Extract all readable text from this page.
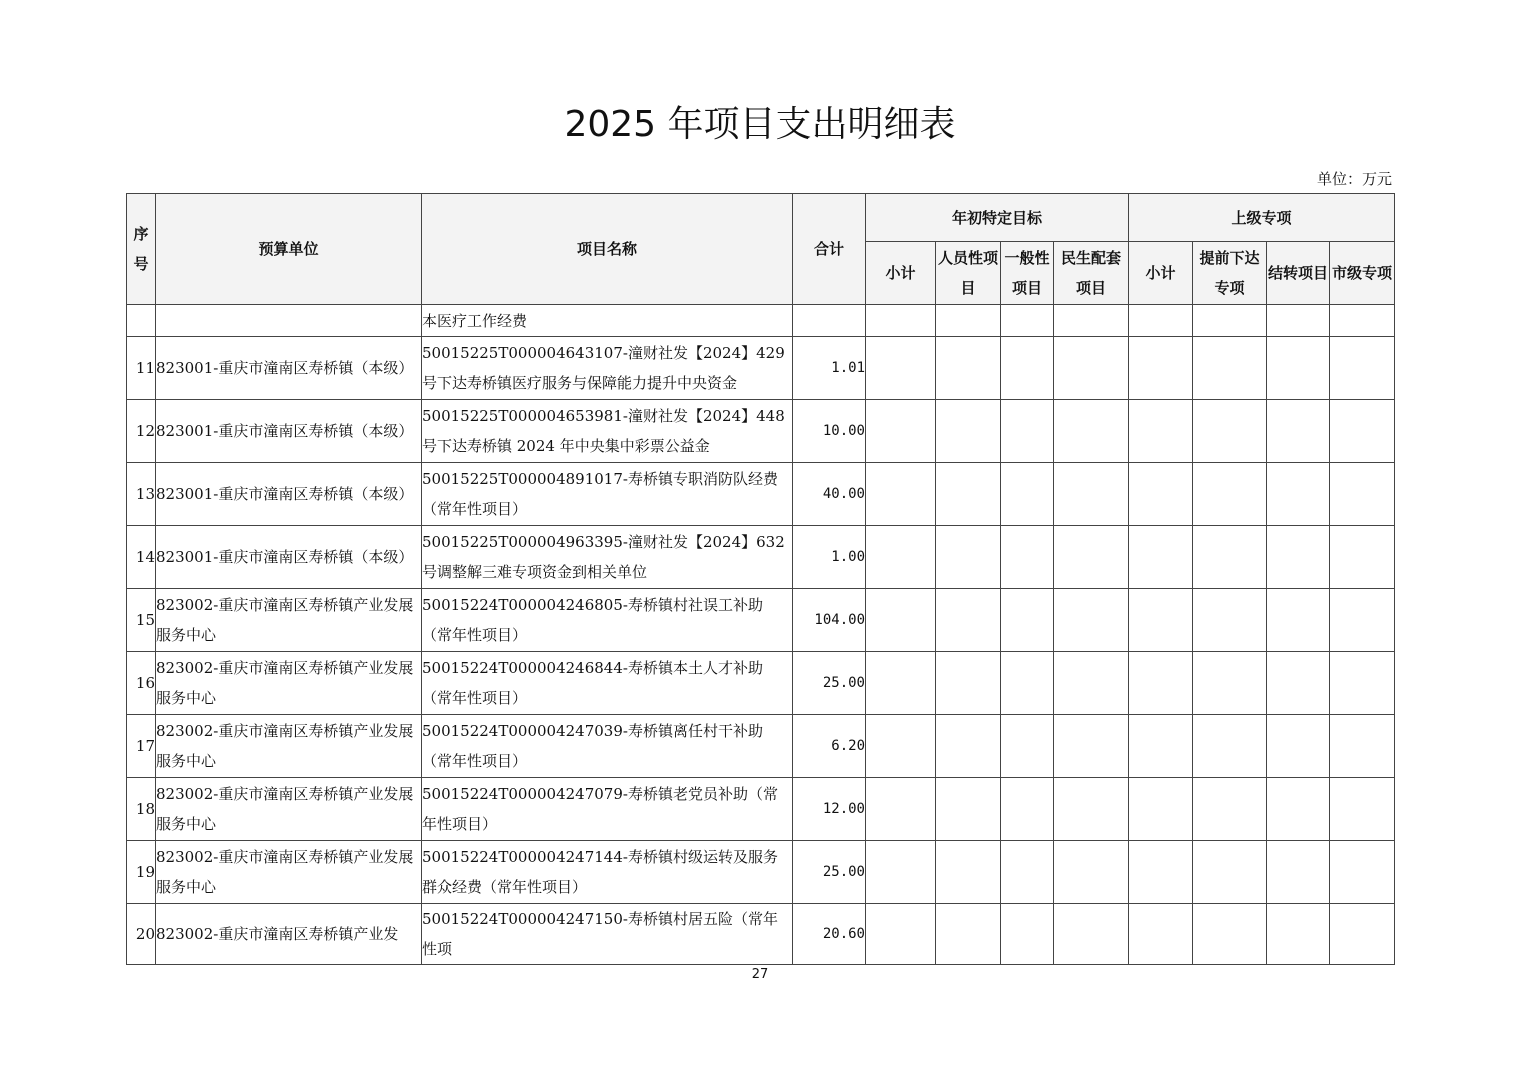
2025 年项目支出明细表
单位：万元
序号	预算单位	项目名称	合计	年初特定目标				上级专项			
				小计	人员性项目	一般性项目	民生配套项目	小计	提前下达专项	结转项目	市级专项
		本医疗工作经费									
11	823001-重庆市潼南区寿桥镇（本级）	50015225T000004643107-潼财社发【2024】429 号下达寿桥镇医疗服务与保障能力提升中央资金	1.01								
12	823001-重庆市潼南区寿桥镇（本级）	50015225T000004653981-潼财社发【2024】448 号下达寿桥镇 2024 年中央集中彩票公益金	10.00								
13	823001-重庆市潼南区寿桥镇（本级）	50015225T000004891017-寿桥镇专职消防队经费（常年性项目）	40.00								
14	823001-重庆市潼南区寿桥镇（本级）	50015225T000004963395-潼财社发【2024】632 号调整解三难专项资金到相关单位	1.00								
15	823002-重庆市潼南区寿桥镇产业发展服务中心	50015224T000004246805-寿桥镇村社误工补助（常年性项目）	104.00								
16	823002-重庆市潼南区寿桥镇产业发展服务中心	50015224T000004246844-寿桥镇本土人才补助（常年性项目）	25.00								
17	823002-重庆市潼南区寿桥镇产业发展服务中心	50015224T000004247039-寿桥镇离任村干补助（常年性项目）	6.20								
18	823002-重庆市潼南区寿桥镇产业发展服务中心	50015224T000004247079-寿桥镇老党员补助（常年性项目）	12.00								
19	823002-重庆市潼南区寿桥镇产业发展服务中心	50015224T000004247144-寿桥镇村级运转及服务群众经费（常年性项目）	25.00								
20	823002-重庆市潼南区寿桥镇产业发	50015224T000004247150-寿桥镇村居五险（常年性项	20.60								
27
